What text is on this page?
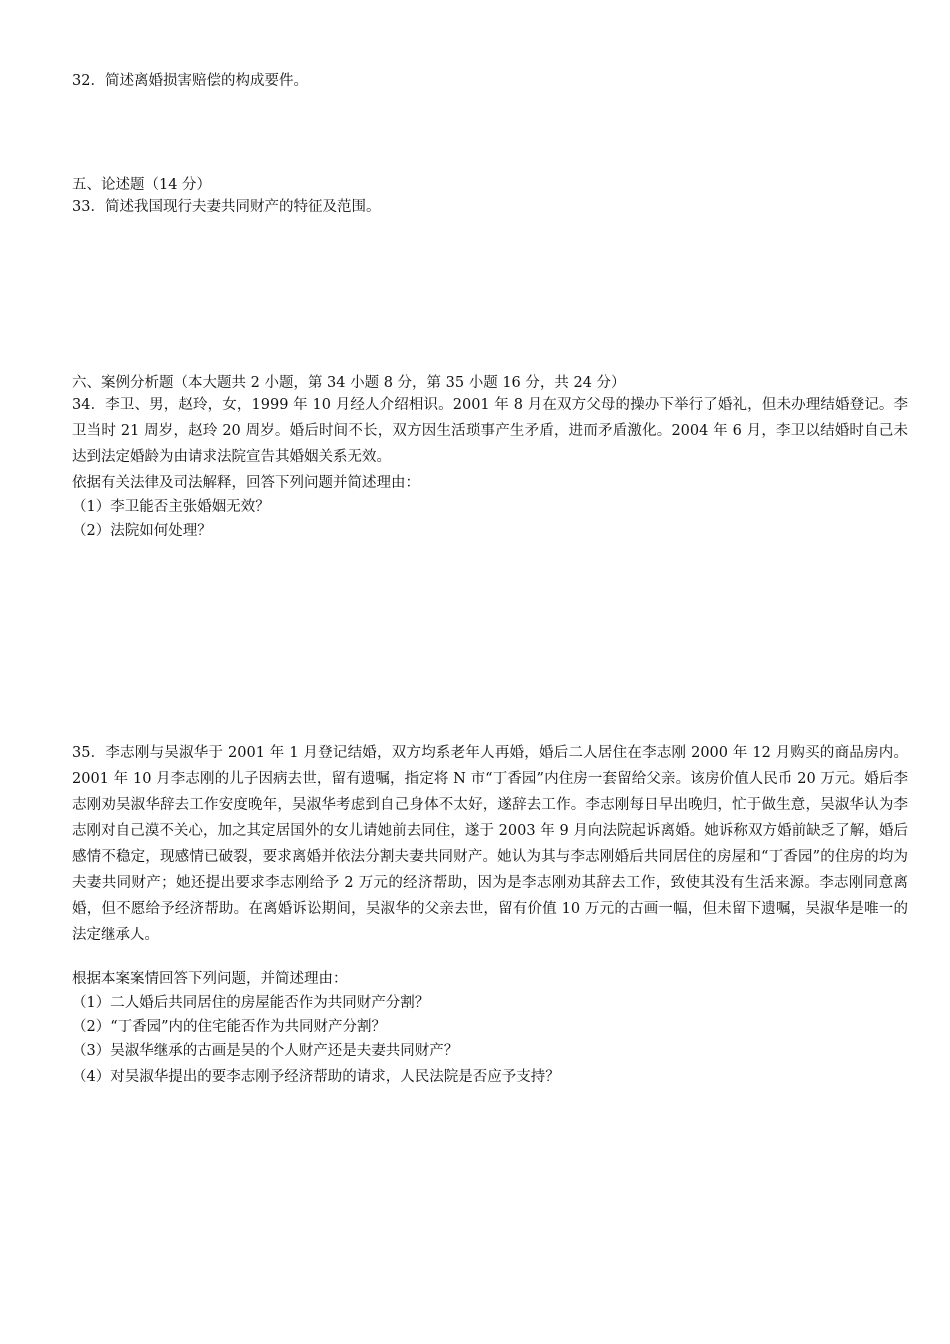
32．简述离婚损害赔偿的构成要件。
五、论述题（14 分）
33．简述我国现行夫妻共同财产的特征及范围。
六、案例分析题（本大题共 2 小题，第 34 小题 8 分，第 35 小题 16 分，共 24 分）
34．李卫、男，赵玲，女，1999 年 10 月经人介绍相识。2001 年 8 月在双方父母的操办下举行了婚礼，但未办理结婚登记。李卫当时 21 周岁，赵玲 20 周岁。婚后时间不长，双方因生活琐事产生矛盾，进而矛盾激化。2004 年 6 月，李卫以结婚时自己未达到法定婚龄为由请求法院宣告其婚姻关系无效。
依据有关法律及司法解释，回答下列问题并简述理由：
（1）李卫能否主张婚姻无效？
（2）法院如何处理？
35．李志刚与吴淑华于 2001 年 1 月登记结婚，双方均系老年人再婚，婚后二人居住在李志刚 2000 年 12 月购买的商品房内。2001 年 10 月李志刚的儿子因病去世，留有遗嘱，指定将 N 市“丁香园”内住房一套留给父亲。该房价值人民币 20 万元。婚后李志刚劝吴淑华辞去工作安度晚年，吴淑华考虑到自己身体不太好，遂辞去工作。李志刚每日早出晚归，忙于做生意，吴淑华认为李志刚对自己漠不关心，加之其定居国外的女儿请她前去同住，遂于 2003 年 9 月向法院起诉离婚。她诉称双方婚前缺乏了解，婚后感情不稳定，现感情已破裂，要求离婚并依法分割夫妻共同财产。她认为其与李志刚婚后共同居住的房屋和“丁香园”的住房的均为夫妻共同财产；她还提出要求李志刚给予 2 万元的经济帮助，因为是李志刚劝其辞去工作，致使其没有生活来源。李志刚同意离婚，但不愿给予经济帮助。在离婚诉讼期间，吴淑华的父亲去世，留有价值 10 万元的古画一幅，但未留下遗嘱，吴淑华是唯一的法定继承人。
根据本案案情回答下列问题，并简述理由：
（1）二人婚后共同居住的房屋能否作为共同财产分割？
（2）“丁香园”内的住宅能否作为共同财产分割？
（3）吴淑华继承的古画是吴的个人财产还是夫妻共同财产？
（4）对吴淑华提出的要李志刚予经济帮助的请求，人民法院是否应予支持？
